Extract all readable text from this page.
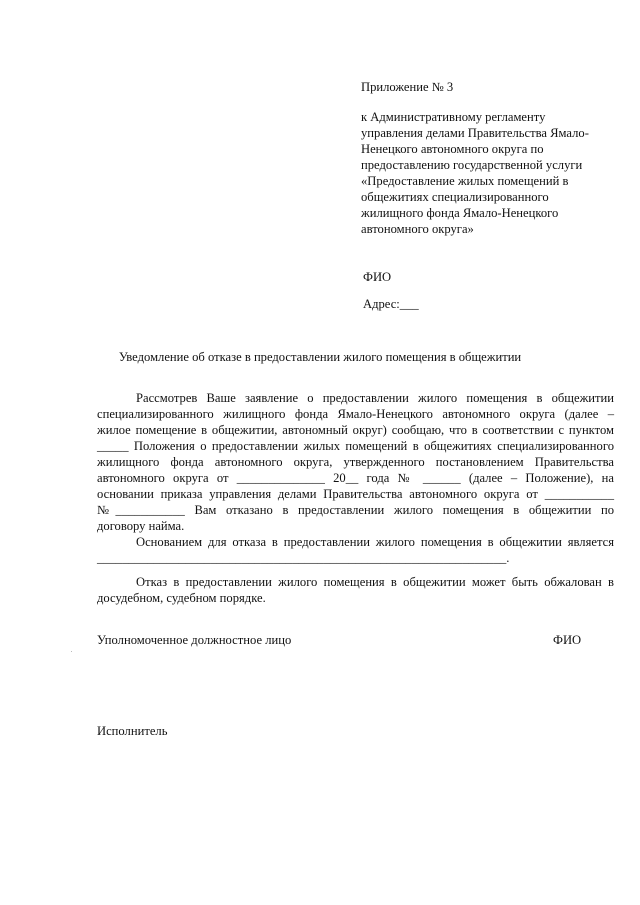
Приложение № 3
к Административному регламенту
управления делами Правительства Ямало-
Ненецкого автономного округа по
предоставлению государственной услуги
«Предоставление жилых помещений в
общежитиях специализированного
жилищного фонда Ямало-Ненецкого
автономного округа»
ФИО
Адрес:___
Уведомление об отказе в предоставлении жилого помещения в общежитии
Рассмотрев Ваше заявление о предоставлении жилого помещения в общежитии
специализированного жилищного фонда Ямало-Ненецкого автономного округа (далее –
жилое помещение в общежитии, автономный округ) сообщаю, что в соответствии с пунктом
_____ Положения о предоставлении жилых помещений в общежитиях специализированного
жилищного фонда автономного округа, утвержденного постановлением Правительства
автономного округа от ______________ 20__ года № ______ (далее – Положение), на
основании приказа управления делами Правительства автономного округа от ___________
№___________ Вам отказано в предоставлении жилого помещения в общежитии по
договору найма.
Основанием для отказа в предоставлении жилого помещения в общежитии является
_________________________________________________________________.
Отказ в предоставлении жилого помещения в общежитии может быть обжалован в
досудебном, судебном порядке.
Уполномоченное должностное лицо	ФИО
Исполнитель
